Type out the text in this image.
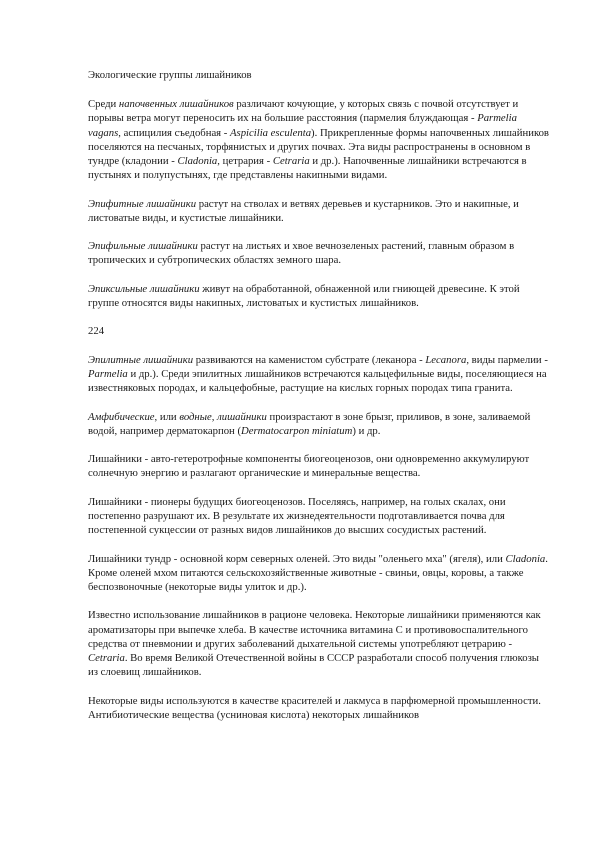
Экологические группы лишайников

Среди напочвенных лишайников различают кочующие, у которых связь с почвой отсутствует и порывы ветра могут переносить их на большие расстояния (пармелия блуждающая - Parmelia vagans, аспицилия съедобная - Aspicilia esculenta). Прикрепленные формы напочвенных лишайников поселяются на песчаных, торфянистых и других почвах. Эта виды распространены в основном в тундре (кладонии - Cladonia, цетрария - Cetraria и др.). Напочвенные лишайники встречаются в пустынях и полупустынях, где представлены накипными видами.

Эпифитные лишайники растут на стволах и ветвях деревьев и кустарников. Это и накипные, и листоватые виды, и кустистые лишайники.

Эпифильные лишайники растут на листьях и хвое вечнозеленых растений, главным образом в тропических и субтропических областях земного шара.

Эпиксильные лишайники живут на обработанной, обнаженной или гниющей древесине. К этой группе относятся виды накипных, листоватых и кустистых лишайников.

224

Эпилитные лишайники развиваются на каменистом субстрате (леканора - Lecanora, виды пармелии - Parmelia и др.). Среди эпилитных лишайников встречаются кальцефильные виды, поселяющиеся на известняковых породах, и кальцефобные, растущие на кислых горных породах типа гранита.

Амфибические, или водные, лишайники произрастают в зоне брызг, приливов, в зоне, заливаемой водой, например дерматокарпон (Dermatocarpon miniatum) и др.

Лишайники - авто-гетеротрофные компоненты биогеоценозов, они одновременно аккумулируют солнечную энергию и разлагают органические и минеральные вещества.

Лишайники - пионеры будущих биогеоценозов. Поселяясь, например, на голых скалах, они постепенно разрушают их. В результате их жизнедеятельности подготавливается почва для постепенной сукцессии от разных видов лишайников до высших сосудистых растений.

Лишайники тундр - основной корм северных оленей. Это виды "оленьего мха" (ягеля), или Cladonia. Кроме оленей мхом питаются сельскохозяйственные животные - свиньи, овцы, коровы, а также беспозвоночные (некоторые виды улиток и др.).

Известно использование лишайников в рационе человека. Некоторые лишайники применяются как ароматизаторы при выпечке хлеба. В качестве источника витамина С и противовоспалительного средства от пневмонии и других заболеваний дыхательной системы употребляют цетрарию - Cetraria. Во время Великой Отечественной войны в СССР разработали способ получения глюкозы из слоевищ лишайников.

Некоторые виды используются в качестве красителей и лакмуса в парфюмерной промышленности. Антибиотические вещества (усниновая кислота) некоторых лишайников
